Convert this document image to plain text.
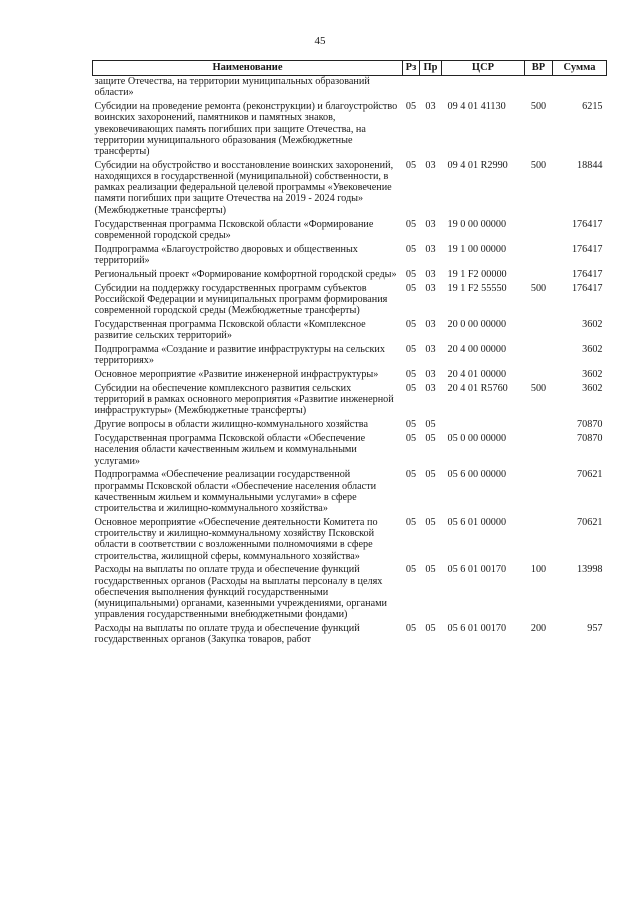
45
Наименование	Рз	Пр	ЦСР	ВР	Сумма
защите Отечества, на территории муниципальных образований области»					
Субсидии на проведение ремонта (реконструкции) и благоустройство воинских захоронений, памятников и памятных знаков, увековечивающих память погибших при защите Отечества, на территории муниципального образования (Межбюджетные трансферты)	05	03	09 4 01 41130	500	6215
Субсидии на обустройство и восстановление воинских захоронений, находящихся в государственной (муниципальной) собственности, в рамках реализации федеральной целевой программы «Увековечение памяти погибших при защите Отечества на 2019 - 2024 годы» (Межбюджетные трансферты)	05	03	09 4 01 R2990	500	18844
Государственная программа Псковской области «Формирование современной городской среды»	05	03	19 0 00 00000		176417
Подпрограмма «Благоустройство дворовых и общественных территорий»	05	03	19 1 00 00000		176417
Региональный проект «Формирование комфортной городской среды»	05	03	19 1 F2 00000		176417
Субсидии на поддержку государственных программ субъектов Российской Федерации и муниципальных программ формирования современной городской среды (Межбюджетные трансферты)	05	03	19 1 F2 55550	500	176417
Государственная программа Псковской области «Комплексное развитие сельских территорий»	05	03	20 0 00 00000		3602
Подпрограмма «Создание и развитие инфраструктуры на сельских территориях»	05	03	20 4 00 00000		3602
Основное мероприятие «Развитие инженерной инфраструктуры»	05	03	20 4 01 00000		3602
Субсидии на обеспечение комплексного развития сельских территорий в рамках основного мероприятия «Развитие инженерной инфраструктуры» (Межбюджетные трансферты)	05	03	20 4 01 R5760	500	3602
Другие вопросы в области жилищно-коммунального хозяйства	05	05			70870
Государственная программа Псковской области «Обеспечение населения области качественным жильем и коммунальными услугами»	05	05	05 0 00 00000		70870
Подпрограмма «Обеспечение реализации государственной программы Псковской области «Обеспечение населения области качественным жильем и коммунальными услугами» в сфере строительства и жилищно-коммунального хозяйства»	05	05	05 6 00 00000		70621
Основное мероприятие «Обеспечение деятельности Комитета по строительству и жилищно-коммунальному хозяйству Псковской области в соответствии с возложенными полномочиями в сфере строительства, жилищной сферы, коммунального хозяйства»	05	05	05 6 01 00000		70621
Расходы на выплаты по оплате труда и обеспечение функций государственных органов (Расходы на выплаты персоналу в целях обеспечения выполнения функций государственными (муниципальными) органами, казенными учреждениями, органами управления государственными внебюджетными фондами)	05	05	05 6 01 00170	100	13998
Расходы на выплаты по оплате труда и обеспечение функций государственных органов (Закупка товаров, работ	05	05	05 6 01 00170	200	957
